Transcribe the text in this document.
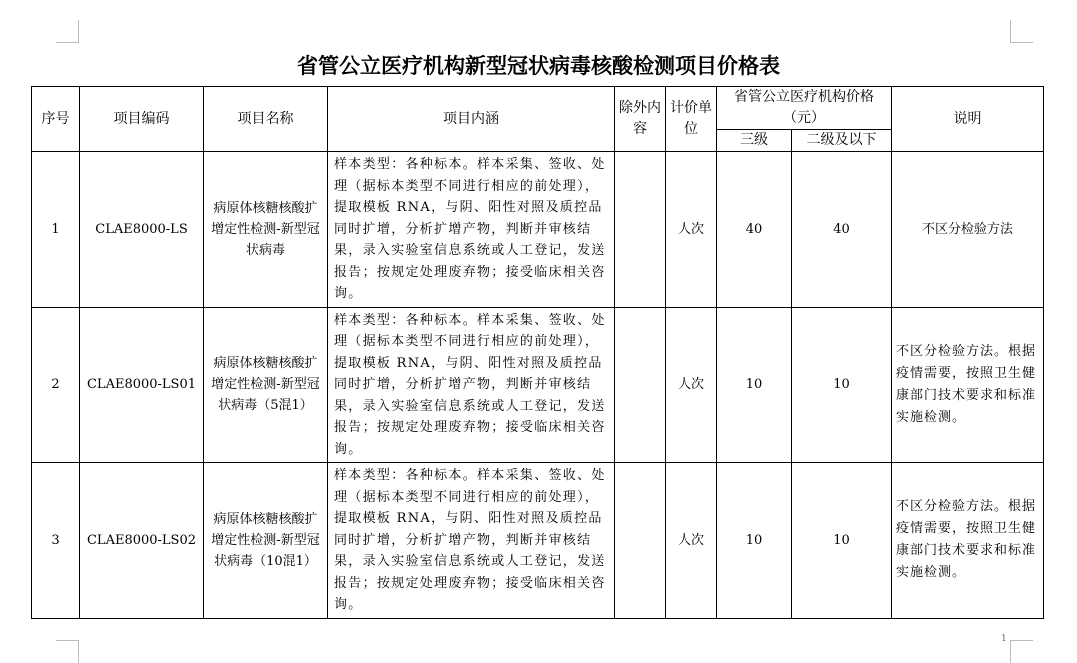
省管公立医疗机构新型冠状病毒核酸检测项目价格表
序号	项目编码	项目名称	项目内涵	除外内容	计价单位	省管公立医疗机构价格（元）		说明
						三级	二级及以下	
1	CLAE8000-LS	病原体核糖核酸扩增定性检测-新型冠状病毒	样本类型：各种标本。样本采集、签收、处理（据标本类型不同进行相应的前处理），提取模板 RNA，与阴、阳性对照及质控品同时扩增，分析扩增产物，判断并审核结果，录入实验室信息系统或人工登记，发送报告；按规定处理废弃物；接受临床相关咨询。		人次	40	40	不区分检验方法
2	CLAE8000-LS01	病原体核糖核酸扩增定性检测-新型冠状病毒（5混1）	样本类型：各种标本。样本采集、签收、处理（据标本类型不同进行相应的前处理），提取模板 RNA，与阴、阳性对照及质控品同时扩增，分析扩增产物，判断并审核结果，录入实验室信息系统或人工登记，发送报告；按规定处理废弃物；接受临床相关咨询。		人次	10	10	不区分检验方法。根据疫情需要，按照卫生健康部门技术要求和标准实施检测。
3	CLAE8000-LS02	病原体核糖核酸扩增定性检测-新型冠状病毒（10混1）	样本类型：各种标本。样本采集、签收、处理（据标本类型不同进行相应的前处理），提取模板 RNA，与阴、阳性对照及质控品同时扩增，分析扩增产物，判断并审核结果，录入实验室信息系统或人工登记，发送报告；按规定处理废弃物；接受临床相关咨询。		人次	10	10	不区分检验方法。根据疫情需要，按照卫生健康部门技术要求和标准实施检测。
1
